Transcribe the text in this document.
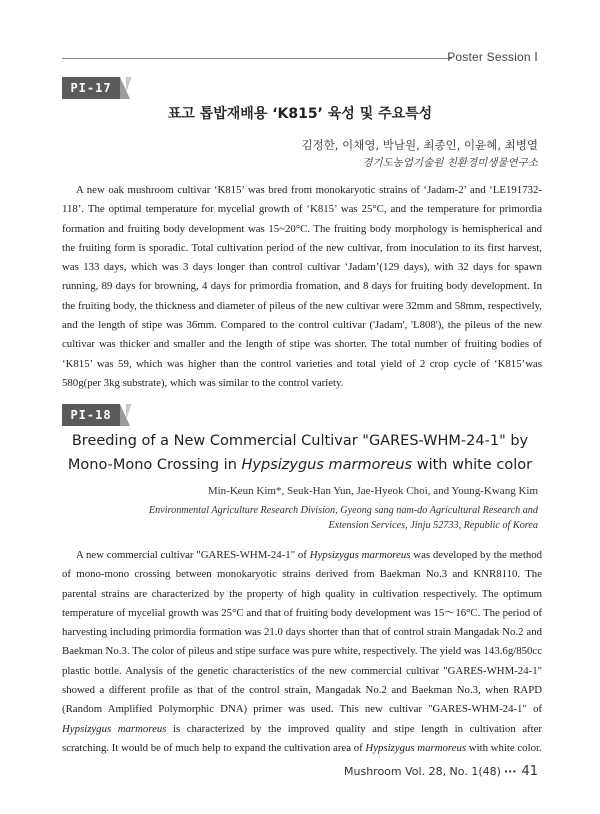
Poster Session Ⅰ
PI-17
표고 톱밥재배용 ‘K815’ 육성 및 주요특성
김정한, 이채영, 박남원, 최종인, 이윤혜, 최병열
경기도농업기술원 친환경미생물연구소
A new oak mushroom cultivar ‘K815’ was bred from monokaryotic strains of ‘Jadam-2’ and ‘LE191732-118’. The optimal temperature for mycelial growth of ‘K815’ was 25°C, and the temperature for primordia formation and fruiting body development was 15~20°C. The fruiting body morphology is hemispherical and the fruiting form is sporadic. Total cultivation period of the new cultivar, from inoculation to its first harvest, was 133 days, which was 3 days longer than control cultivar ‘Jadam’(129 days), with 32 days for spawn running, 89 days for browning, 4 days for primordia fromation, and 8 days for fruiting body development. In the fruiting body, the thickness and diameter of pileus of the new cultivar were 32mm and 58mm, respectively, and the length of stipe was 36mm. Compared to the control cultivar ('Jadam', 'L808'), the pileus of the new cultivar was thicker and smaller and the length of stipe was shorter. The total number of fruiting bodies of ‘K815’ was 59, which was higher than the control varieties and total yield of 2 crop cycle of ‘K815’was 580g(per 3kg substrate), which was similar to the control variety.
PI-18
Breeding of a New Commercial Cultivar "GARES-WHM-24-1" by
Mono-Mono Crossing in Hypsizygus marmoreus with white color
Min-Keun Kim*, Seuk-Han Yun, Jae-Hyeok Choi, and Young-Kwang Kim
Environmental Agriculture Research Division, Gyeong sang nam-do Agricultural Research and
Extension Services, Jinju 52733, Republic of Korea
A new commercial cultivar "GARES-WHM-24-1" of Hypsizygus marmoreus was developed by the method of mono-mono crossing between monokaryotic strains derived from Baekman No.3 and KNR8110. The parental strains are characterized by the property of high quality in cultivation respectively. The optimum temperature of mycelial growth was 25°C and that of fruiting body development was 15～16°C. The period of harvesting including primordia formation was 21.0 days shorter than that of control strain Mangadak No.2 and Baekman No.3. The color of pileus and stipe surface was pure white, respectively. The yield was 143.6g/850cc plastic bottle. Analysis of the genetic characteristics of the new commercial cultivar "GARES-WHM-24-1" showed a different profile as that of the control strain, Mangadak No.2 and Baekman No.3, when RAPD (Random Amplified Polymorphic DNA) primer was used. This new cultivar "GARES-WHM-24-1" of Hypsizygus marmoreus is characterized by the improved quality and stipe length in cultivation after scratching. It would be of much help to expand the cultivation area of Hypsizygus marmoreus with white color.
Mushroom Vol. 28, No. 1(48) ··· 41
